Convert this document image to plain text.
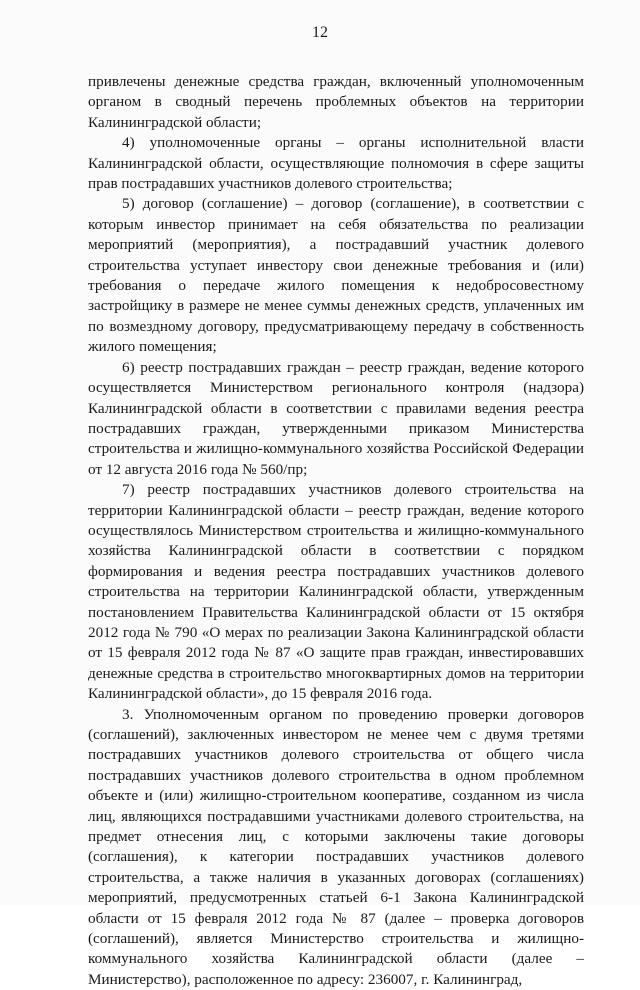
12

привлечены денежные средства граждан, включенный уполномоченным органом в сводный перечень проблемных объектов на территории Калининградской области;

4) уполномоченные органы – органы исполнительной власти Калининградской области, осуществляющие полномочия в сфере защиты прав пострадавших участников долевого строительства;

5) договор (соглашение) – договор (соглашение), в соответствии с которым инвестор принимает на себя обязательства по реализации мероприятий (мероприятия), а пострадавший участник долевого строительства уступает инвестору свои денежные требования и (или) требования о передаче жилого помещения к недобросовестному застройщику в размере не менее суммы денежных средств, уплаченных им по возмездному договору, предусматривающему передачу в собственность жилого помещения;

6) реестр пострадавших граждан – реестр граждан, ведение которого осуществляется Министерством регионального контроля (надзора) Калининградской области в соответствии с правилами ведения реестра пострадавших граждан, утвержденными приказом Министерства строительства и жилищно-коммунального хозяйства Российской Федерации от 12 августа 2016 года № 560/пр;

7) реестр пострадавших участников долевого строительства на территории Калининградской области – реестр граждан, ведение которого осуществлялось Министерством строительства и жилищно-коммунального хозяйства Калининградской области в соответствии с порядком формирования и ведения реестра пострадавших участников долевого строительства на территории Калининградской области, утвержденным постановлением Правительства Калининградской области от 15 октября 2012 года № 790 «О мерах по реализации Закона Калининградской области от 15 февраля 2012 года № 87 «О защите прав граждан, инвестировавших денежные средства в строительство многоквартирных домов на территории Калининградской области», до 15 февраля 2016 года.

3. Уполномоченным органом по проведению проверки договоров (соглашений), заключенных инвестором не менее чем с двумя третями пострадавших участников долевого строительства от общего числа пострадавших участников долевого строительства в одном проблемном объекте и (или) жилищно-строительном кооперативе, созданном из числа лиц, являющихся пострадавшими участниками долевого строительства, на предмет отнесения лиц, с которыми заключены такие договоры (соглашения), к категории пострадавших участников долевого строительства, а также наличия в указанных договорах (соглашениях) мероприятий, предусмотренных статьей 6-1 Закона Калининградской области от 15 февраля 2012 года № 87 (далее – проверка договоров (соглашений), является Министерство строительства и жилищно-коммунального хозяйства Калининградской области (далее – Министерство), расположенное по адресу: 236007, г. Калининград,
